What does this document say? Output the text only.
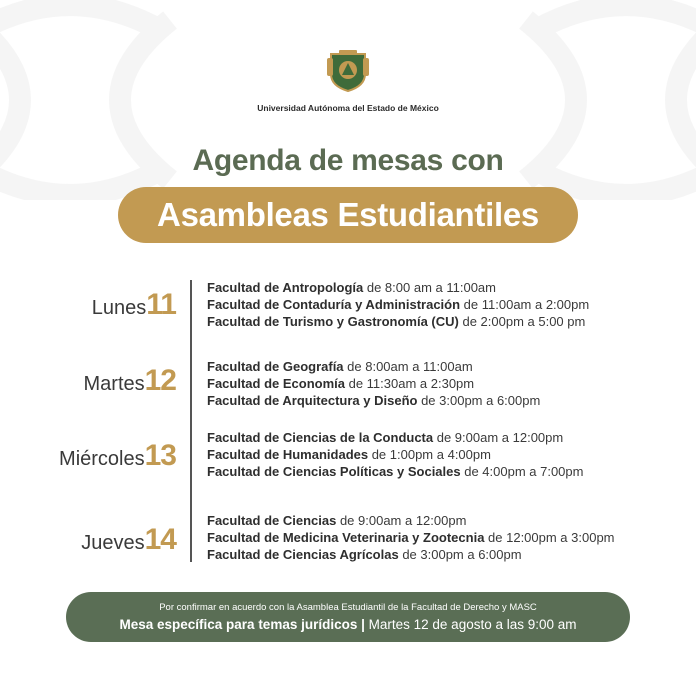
Universidad Autónoma del Estado de México
Agenda de mesas con
Asambleas Estudiantiles
Lunes 11
Facultad de Antropología de 8:00 am a 11:00am
Facultad de Contaduría y Administración de 11:00am a 2:00pm
Facultad de Turismo y Gastronomía (CU) de 2:00pm a 5:00 pm
Martes 12 Facultad de Geografía de 8:00am a 11:00am
Facultad de Economía de 11:30am a 2:30pm
Facultad de Arquitectura y Diseño de 3:00pm a 6:00pm
Miércoles 13
Facultad de Ciencias de la Conducta de 9:00am a 12:00pm
Facultad de Humanidades de 1:00pm a 4:00pm
Facultad de Ciencias Políticas y Sociales de 4:00pm a 7:00pm
Jueves 14
Facultad de Ciencias de 9:00am a 12:00pm
Facultad de Medicina Veterinaria y Zootecnia de 12:00pm a 3:00pm
Facultad de Ciencias Agrícolas de 3:00pm a 6:00pm
Por confirmar en acuerdo con la Asamblea Estudiantil de la Facultad de Derecho y MASC
Mesa específica para temas jurídicos | Martes 12 de agosto a las 9:00 am
